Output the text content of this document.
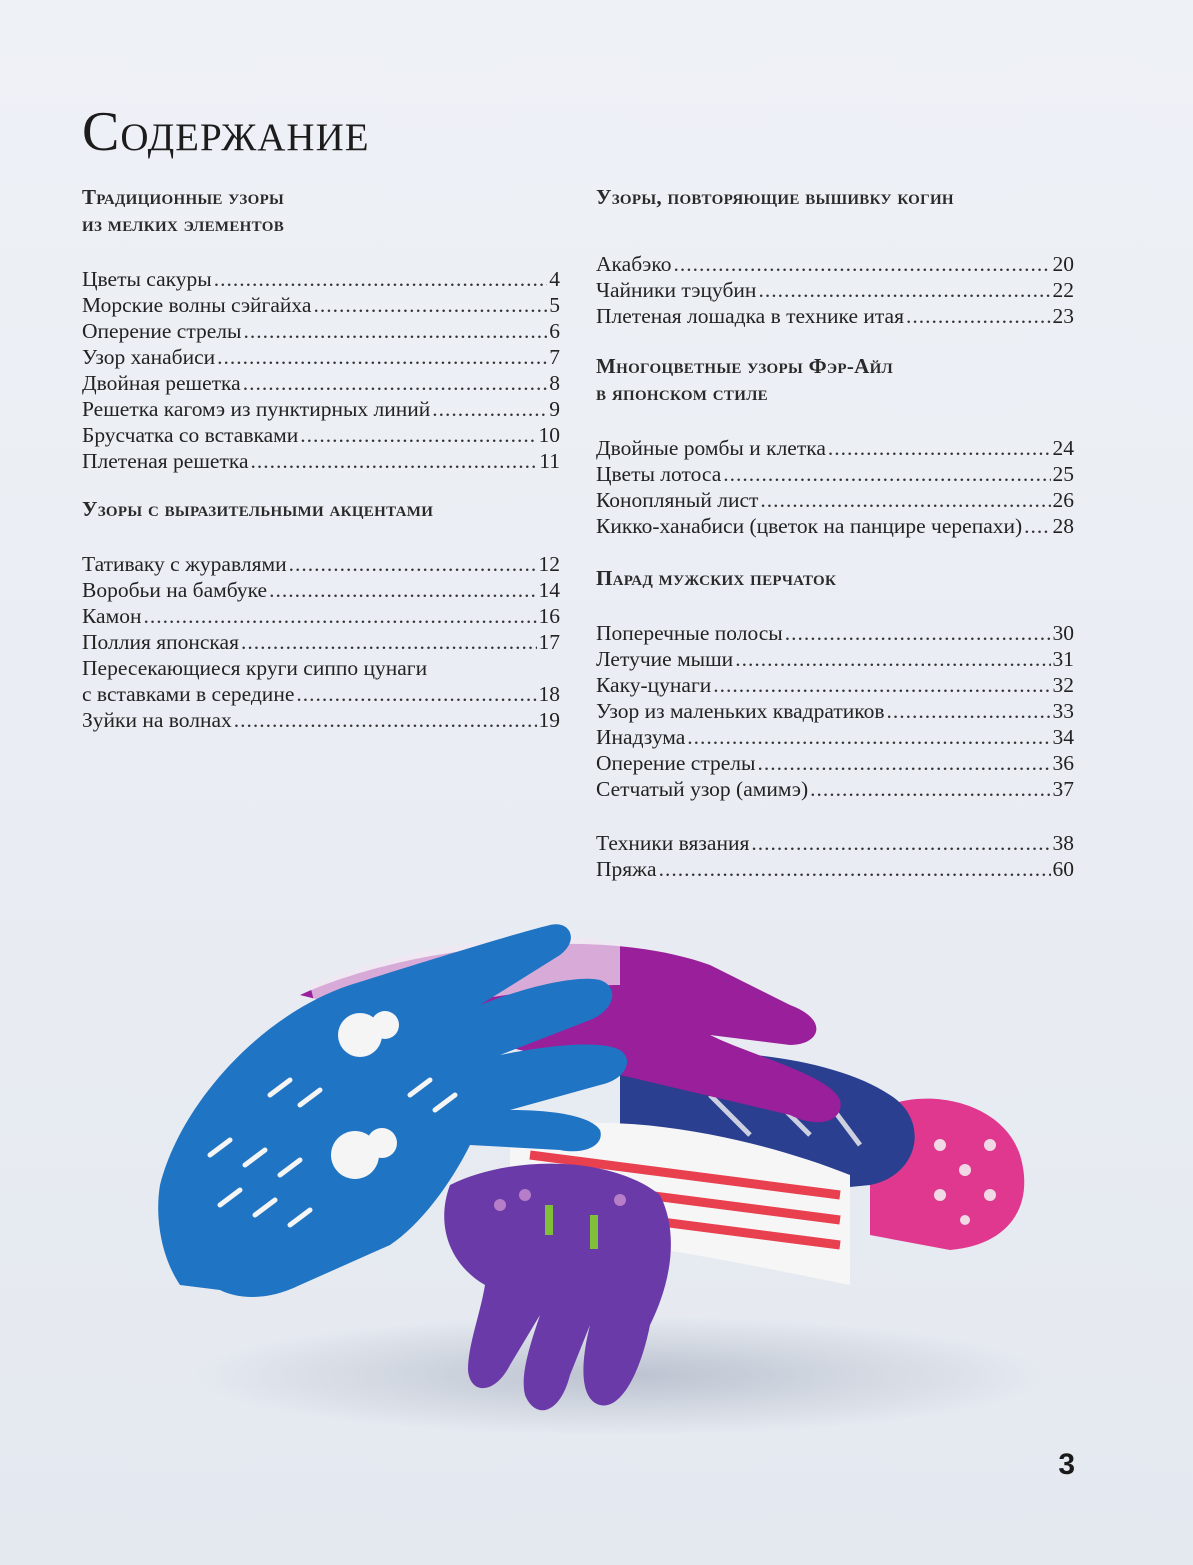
Содержание
Традиционные узоры
из мелких элементов
Цветы сакуры .....	4
Морские волны сэйгайха .....	5
Оперение стрелы .....	6
Узор ханабиси .....	7
Двойная решетка .....	8
Решетка кагомэ из пунктирных линий .....	9
Брусчатка со вставками .....	10
Плетеная решетка .....	11
Узоры с выразительными акцентами
Тативаку с журавлями .....	12
Воробьи на бамбуке .....	14
Камон .....	16
Поллия японская .....	17
Пересекающиеся круги сиппо цунаги
с вставками в середине .....	18
Зуйки на волнах .....	19
Узоры, повторяющие вышивку когин
Акабэко .....	20
Чайники тэцубин .....	22
Плетеная лошадка в технике итая .....	23
Многоцветные узоры Фэр-Айл
в японском стиле
Двойные ромбы и клетка .....	24
Цветы лотоса .....	25
Конопляный лист .....	26
Кикко-ханабиси (цветок на панцире черепахи) ..... 28
Парад мужских перчаток
Поперечные полосы .....	30
Летучие мыши .....	31
Каку-цунаги .....	32
Узор из маленьких квадратиков .....	33
Инадзума .....	34
Оперение стрелы .....	36
Сетчатый узор (амимэ) .....	37
Техники вязания .....	38
Пряжа .....	60
3
